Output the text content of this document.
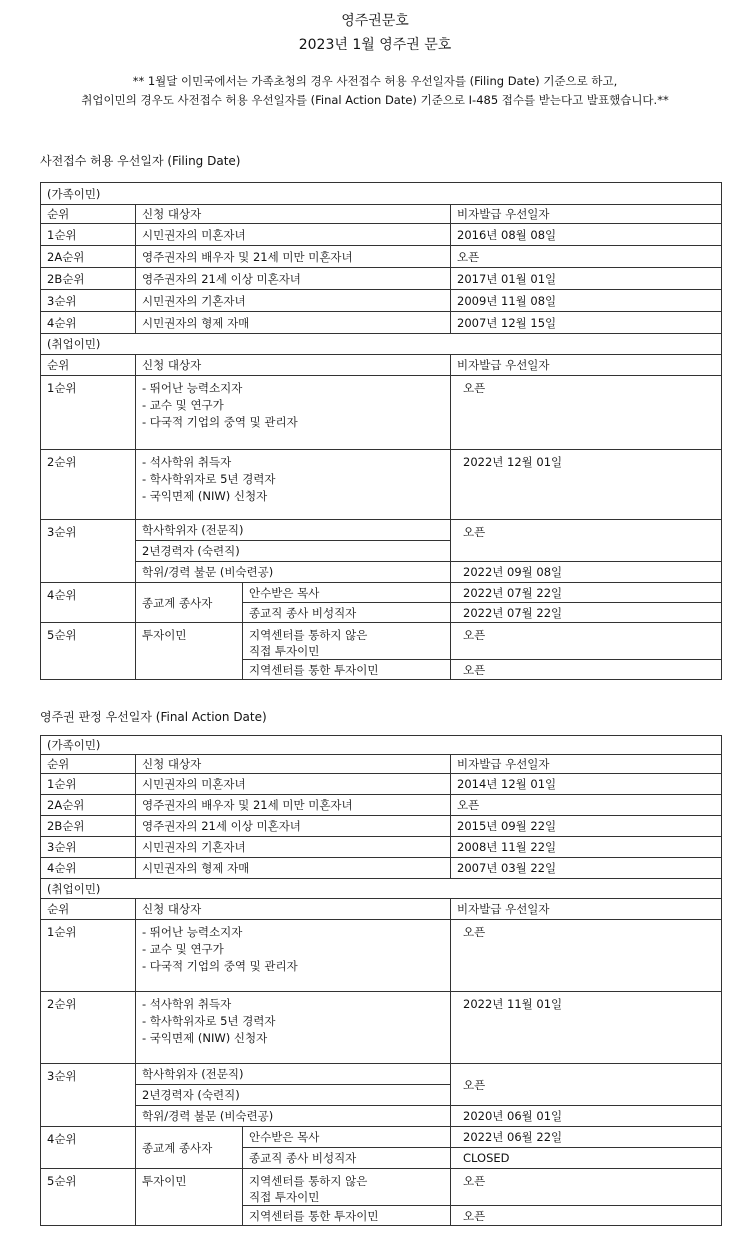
영주권문호
2023년 1월 영주권 문호
** 1월달 이민국에서는 가족초청의 경우 사전접수 허용 우선일자를 (Filing Date) 기준으로 하고,
취업이민의 경우도 사전접수 허용 우선일자를 (Final Action Date) 기준으로 I-485 접수를 받는다고 발표했습니다.**
사전접수 허용 우선일자 (Filing Date)
(가족이민)			
순위	신청 대상자		비자발급 우선일자
1순위	시민권자의 미혼자녀		2016년 08월 08일
2A순위	영주권자의 배우자 및 21세 미만 미혼자녀		오픈
2B순위	영주권자의 21세 이상 미혼자녀		2017년 01월 01일
3순위	시민권자의 기혼자녀		2009년 11월 08일
4순위	시민권자의 형제 자매		2007년 12월 15일
(취업이민)			
순위	신청 대상자		비자발급 우선일자
1순위	- 뛰어난 능력소지자
- 교수 및 연구가
- 다국적 기업의 중역 및 관리자		오픈
2순위	- 석사학위 취득자
- 학사학위자로 5년 경력자
- 국익면제 (NIW) 신청자		2022년 12월 01일
3순위	학사학위자 (전문직)		오픈
	2년경력자 (숙련직)		
	학위/경력 불문 (비숙련공)		2022년 09월 08일
4순위	종교계 종사자	안수받은 목사	2022년 07월 22일
		종교직 종사 비성직자	2022년 07월 22일
5순위	투자이민	지역센터를 통하지 않은
직접 투자이민	오픈
		지역센터를 통한 투자이민	오픈
영주권 판정 우선일자 (Final Action Date)
(가족이민)			
순위	신청 대상자		비자발급 우선일자
1순위	시민권자의 미혼자녀		2014년 12월 01일
2A순위	영주권자의 배우자 및 21세 미만 미혼자녀		오픈
2B순위	영주권자의 21세 이상 미혼자녀		2015년 09월 22일
3순위	시민권자의 기혼자녀		2008년 11월 22일
4순위	시민권자의 형제 자매		2007년 03월 22일
(취업이민)			
순위	신청 대상자		비자발급 우선일자
1순위	- 뛰어난 능력소지자
- 교수 및 연구가
- 다국적 기업의 중역 및 관리자		오픈
2순위	- 석사학위 취득자
- 학사학위자로 5년 경력자
- 국익면제 (NIW) 신청자		2022년 11월 01일
3순위	학사학위자 (전문직)		오픈
	2년경력자 (숙련직)		
	학위/경력 불문 (비숙련공)		2020년 06월 01일
4순위	종교계 종사자	안수받은 목사	2022년 06월 22일
		종교직 종사 비성직자	CLOSED
5순위	투자이민	지역센터를 통하지 않은
직접 투자이민	오픈
		지역센터를 통한 투자이민	오픈
